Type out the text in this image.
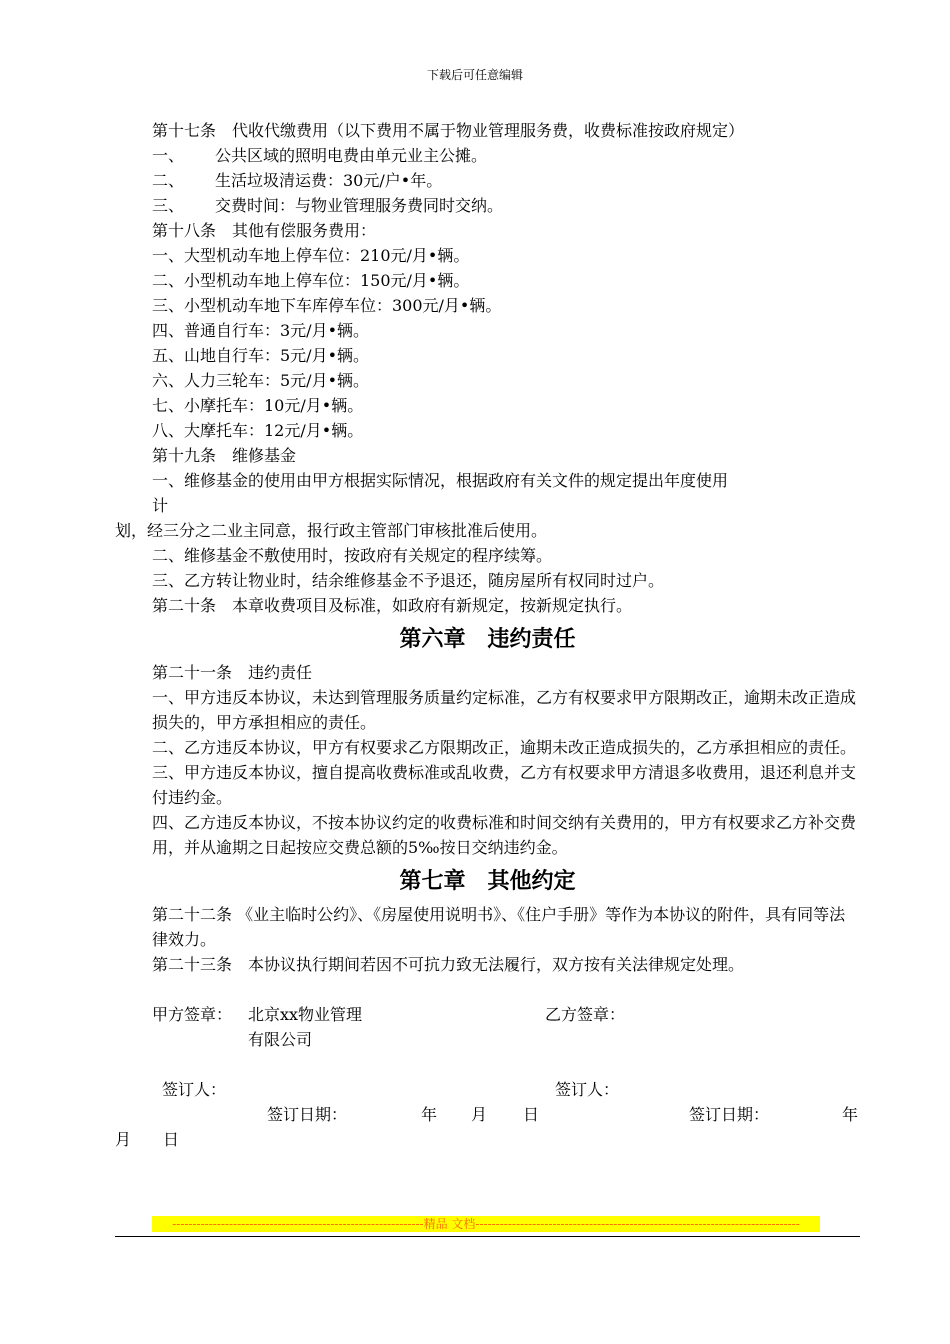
下载后可任意编辑

第十七条　代收代缴费用（以下费用不属于物业管理服务费，收费标准按政府规定）

一、 公共区域的照明电费由单元业主公摊。

二、 生活垃圾清运费：30元/户•年。

三、 交费时间：与物业管理服务费同时交纳。

第十八条　其他有偿服务费用：

一、大型机动车地上停车位：210元/月•辆。

二、小型机动车地上停车位：150元/月•辆。

三、小型机动车地下车库停车位：300元/月•辆。

四、普通自行车：3元/月•辆。

五、山地自行车：5元/月•辆。

六、人力三轮车：5元/月•辆。

七、小摩托车：10元/月•辆。

八、大摩托车：12元/月•辆。

第十九条　维修基金

一、维修基金的使用由甲方根据实际情况，根据政府有关文件的规定提出年度使用

计

划，经三分之二业主同意，报行政主管部门审核批准后使用。

二、维修基金不敷使用时，按政府有关规定的程序续筹。

三、乙方转让物业时，结余维修基金不予退还，随房屋所有权同时过户。

第二十条　本章收费项目及标准，如政府有新规定，按新规定执行。

第六章　违约责任

第二十一条　违约责任

一、甲方违反本协议，未达到管理服务质量约定标准，乙方有权要求甲方限期改正，逾期未改正造成损失的，甲方承担相应的责任。

二、乙方违反本协议，甲方有权要求乙方限期改正，逾期未改正造成损失的，乙方承担相应的责任。

三、甲方违反本协议，擅自提高收费标准或乱收费，乙方有权要求甲方清退多收费用，退还利息并支付违约金。

四、乙方违反本协议，不按本协议约定的收费标准和时间交纳有关费用的，甲方有权要求乙方补交费用，并从逾期之日起按应交费总额的5‰按日交纳违约金。

第七章　其他约定

第二十二条 《业主临时公约》、《房屋使用说明书》、《住户手册》等作为本协议的附件，具有同等法律效力。

第二十三条　本协议执行期间若因不可抗力致无法履行，双方按有关法律规定处理。

甲方签章： 北京xx物业管理	乙方签章：
有限公司
签订人：	签订人：
签订日期：	年 月 日	签订日期：	年
月 日
--------------------------------------------------------------精品 文档--------------------------------------------------------------------------------
